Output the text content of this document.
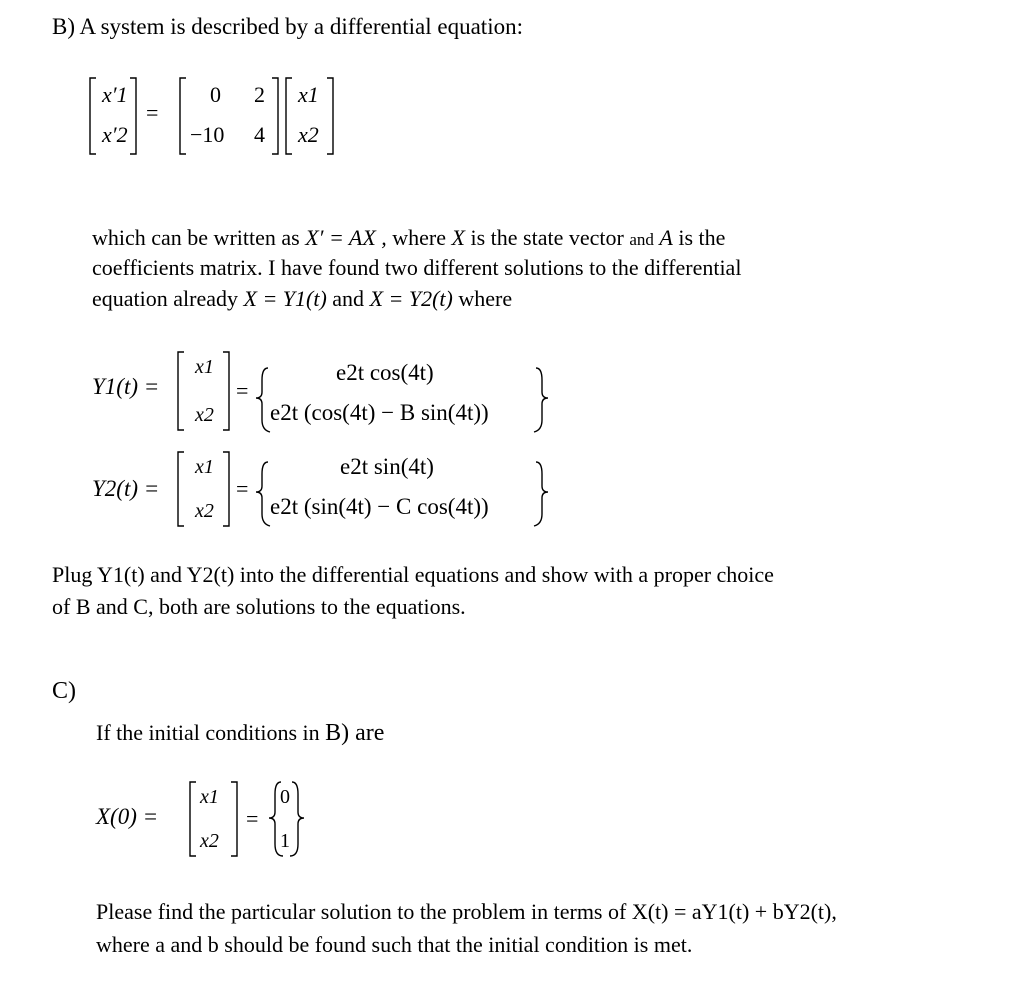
B) A system is described by a differential equation:
x′1
x′2
=
0 2
−10 4
x1
x2
which can be written as X′ = AX , where X is the state vector and A is the
coefficients matrix. I have found two different solutions to the differential
equation already X = Y1(t) and X = Y2(t) where
Y1(t) =
x1
x2
=
e2t cos(4t)
e2t (cos(4t) − B sin(4t))
Y2(t) =
x1
x2
=
e2t sin(4t)
e2t (sin(4t) − C cos(4t))
Plug Y1(t) and Y2(t) into the differential equations and show with a proper choice
of B and C, both are solutions to the equations.
C)
If the initial conditions in B) are
X(0) =
x1
x2
=
0
1
Please find the particular solution to the problem in terms of X(t) = aY1(t) + bY2(t),
where a and b should be found such that the initial condition is met.
